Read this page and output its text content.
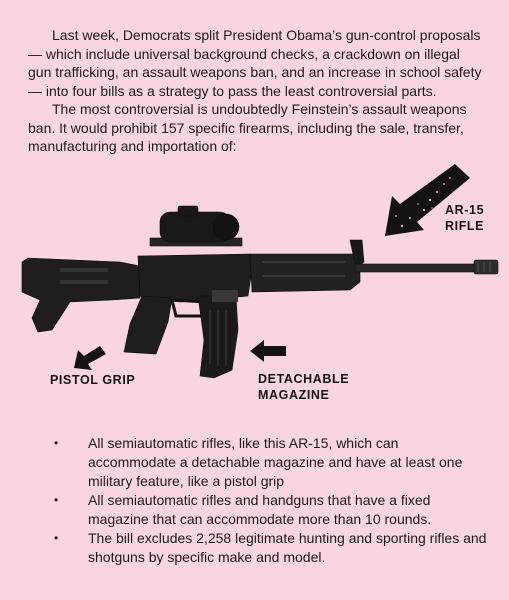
Last week, Democrats split President Obama’s gun-control proposals — which include universal background checks, a crackdown on illegal gun trafficking, an assault weapons ban, and an increase in school safety — into four bills as a strategy to pass the least controversial parts.

The most controversial is undoubtedly Feinstein’s assault weapons ban. It would prohibit 157 specific firearms, including the sale, transfer, manufacturing and importation of:

AR-15
RIFLE
PISTOL GRIP	DETACHABLE
MAGAZINE
• All semiautomatic rifles, like this AR-15, which can accommodate a detachable magazine and have at least one military feature, like a pistol grip
• All semiautomatic rifles and handguns that have a fixed magazine that can accommodate more than 10 rounds.
• The bill excludes 2,258 legitimate hunting and sporting rifles and shotguns by specific make and model.
